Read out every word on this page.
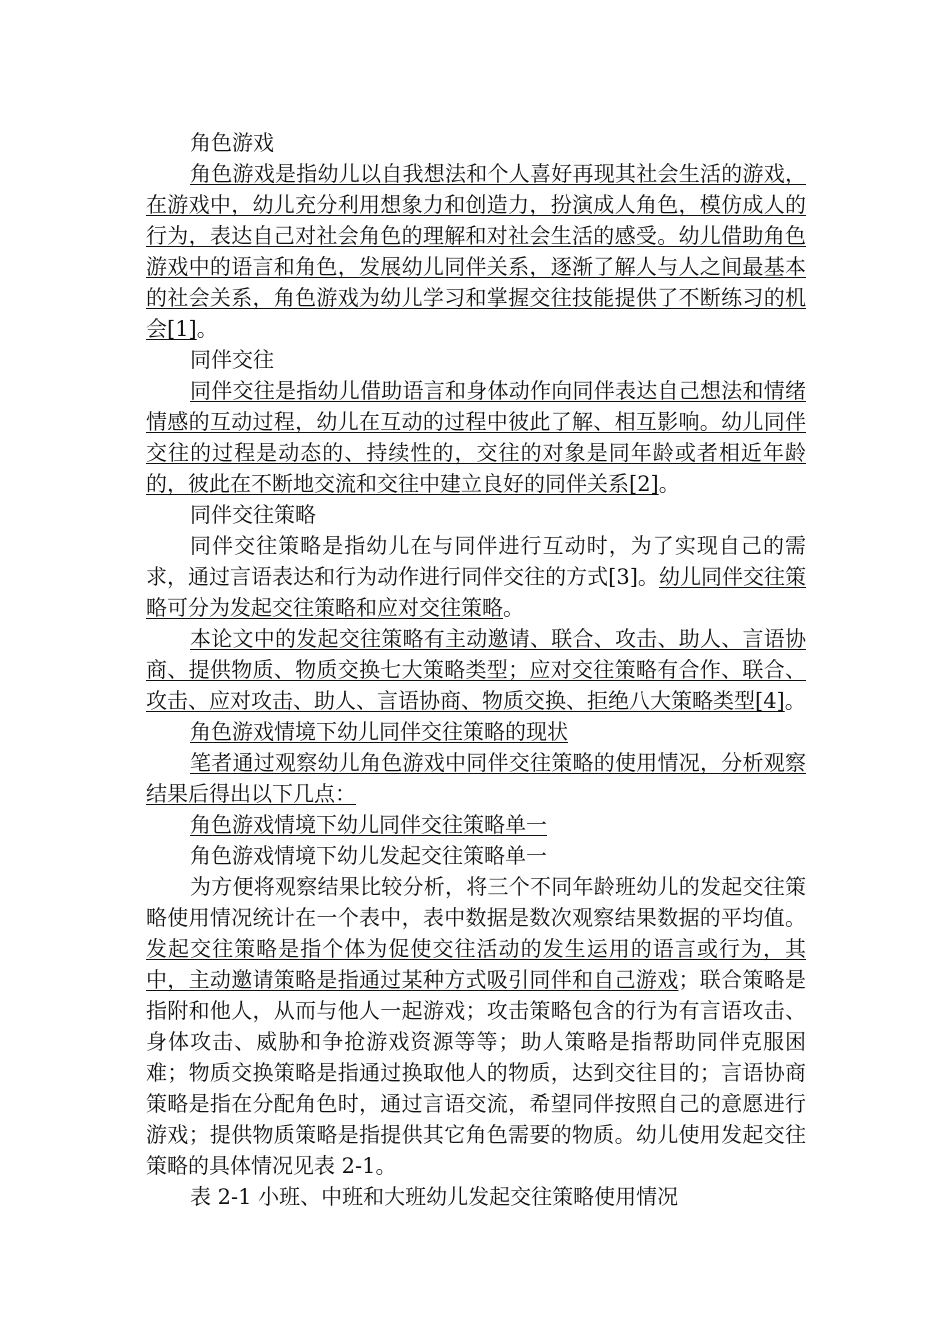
角色游戏

角色游戏是指幼儿以自我想法和个人喜好再现其社会生活的游戏，在游戏中，幼儿充分利用想象力和创造力，扮演成人角色，模仿成人的行为，表达自己对社会角色的理解和对社会生活的感受。幼儿借助角色游戏中的语言和角色，发展幼儿同伴关系，逐渐了解人与人之间最基本的社会关系，角色游戏为幼儿学习和掌握交往技能提供了不断练习的机会[1]。

同伴交往

同伴交往是指幼儿借助语言和身体动作向同伴表达自己想法和情绪情感的互动过程，幼儿在互动的过程中彼此了解、相互影响。幼儿同伴交往的过程是动态的、持续性的，交往的对象是同年龄或者相近年龄的，彼此在不断地交流和交往中建立良好的同伴关系[2]。

同伴交往策略

同伴交往策略是指幼儿在与同伴进行互动时，为了实现自己的需求，通过言语表达和行为动作进行同伴交往的方式[3]。幼儿同伴交往策略可分为发起交往策略和应对交往策略。

本论文中的发起交往策略有主动邀请、联合、攻击、助人、言语协商、提供物质、物质交换七大策略类型；应对交往策略有合作、联合、攻击、应对攻击、助人、言语协商、物质交换、拒绝八大策略类型[4]。

角色游戏情境下幼儿同伴交往策略的现状

笔者通过观察幼儿角色游戏中同伴交往策略的使用情况，分析观察结果后得出以下几点：

角色游戏情境下幼儿同伴交往策略单一

角色游戏情境下幼儿发起交往策略单一

为方便将观察结果比较分析，将三个不同年龄班幼儿的发起交往策略使用情况统计在一个表中，表中数据是数次观察结果数据的平均值。发起交往策略是指个体为促使交往活动的发生运用的语言或行为，其中，主动邀请策略是指通过某种方式吸引同伴和自己游戏；联合策略是指附和他人，从而与他人一起游戏；攻击策略包含的行为有言语攻击、身体攻击、威胁和争抢游戏资源等等；助人策略是指帮助同伴克服困难；物质交换策略是指通过换取他人的物质，达到交往目的；言语协商策略是指在分配角色时，通过言语交流，希望同伴按照自己的意愿进行游戏；提供物质策略是指提供其它角色需要的物质。幼儿使用发起交往策略的具体情况见表 2-1。

表 2-1 小班、中班和大班幼儿发起交往策略使用情况
